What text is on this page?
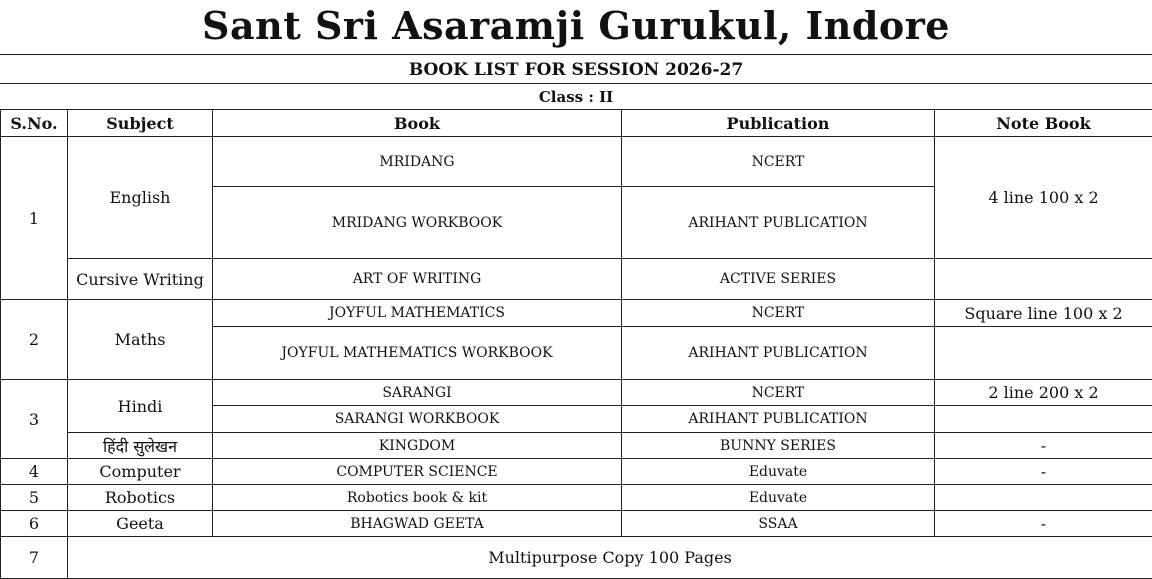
Sant Sri Asaramji Gurukul, Indore
BOOK LIST FOR SESSION 2026-27
Class : II
S.No.	Subject	Book	Publication	Note Book
1	English	MRIDANG	NCERT	4 line 100 x 2
		MRIDANG WORKBOOK	ARIHANT PUBLICATION	
	Cursive Writing	ART OF WRITING	ACTIVE SERIES	
2	Maths	JOYFUL MATHEMATICS	NCERT	Square line 100 x 2
		JOYFUL MATHEMATICS WORKBOOK	ARIHANT PUBLICATION	
3	Hindi	SARANGI	NCERT	2 line 200 x 2
		SARANGI WORKBOOK	ARIHANT PUBLICATION	
	हिंदी सुलेखन	KINGDOM	BUNNY SERIES	-
4	Computer	COMPUTER SCIENCE	Eduvate	-
5	Robotics	Robotics book & kit	Eduvate	
6	Geeta	BHAGWAD GEETA	SSAA	-
7	Multipurpose Copy 100 Pages			
